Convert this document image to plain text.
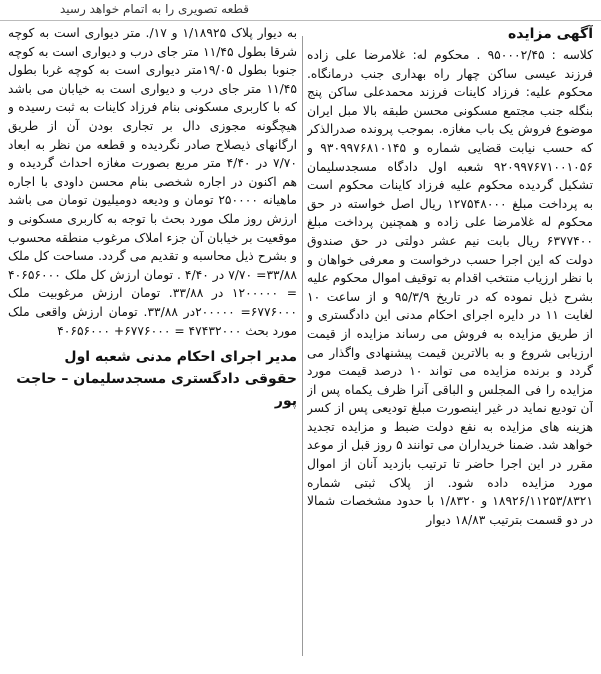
قطعه تصویری را به اتمام خواهد رسید
آگهی مزایده

کلاسه : ۹۵۰۰۰۲/۴۵ . محکوم له: غلامرضا علی زاده فرزند عیسی ساکن چهار راه بهداری جنب درمانگاه. محکوم علیه: فرزاد کاینات فرزند محمدعلی ساکن پنج بنگله جنب مجتمع مسکونی محسن طبقه بالا مبل ایران موضوع فروش یک باب مغازه. بموجب پرونده صدرالذکر که حسب نیابت قضایی شماره و ۹۳۰۹۹۷۶۸۱۰۱۴۵ و ۹۲۰۹۹۷۶۷۱۰۰۱۰۵۶ شعبه اول دادگاه مسجدسلیمان تشکیل گردیده محکوم علیه فرزاد کاینات محکوم است به پرداخت مبلغ ۱۲۷۵۴۸۰۰۰ ریال اصل خواسته در حق محکوم له غلامرضا علی زاده و همچنین پرداخت مبلغ ۶۳۷۷۴۰۰ ریال بابت نیم عشر دولتی در حق صندوق دولت که این اجرا حسب درخواست و معرفی خواهان و با نظر ارزیاب منتخب اقدام به توقیف اموال محکوم علیه بشرح ذیل نموده که در تاریخ ۹۵/۳/۹ و از ساعت ۱۰ لغایت ۱۱ در دایره اجرای احکام مدنی این دادگستری و از طریق مزایده به فروش می رساند مزایده از قیمت ارزیابی شروع و به بالاترین قیمت پیشنهادی واگذار می گردد و برنده مزایده می تواند ۱۰ درصد قیمت مورد مزایده را فی المجلس و الباقی آنرا ظرف یکماه پس از آن تودیع نماید در غیر اینصورت مبلغ تودیعی پس از کسر هزینه های مزایده به نفع دولت ضبط و مزایده تجدید خواهد شد. ضمنا خریداران می توانند ۵ روز قبل از موعد مقرر در این اجرا حاضر تا ترتیب بازدید آنان از اموال مورد مزایده داده شود. از پلاک ثبتی شماره ۱۸۹۲۶/۱۱۲۵۳/۸۳۲۱ و ۱/۸۳۲۰ با حدود مشخصات شمالا در دو قسمت بترتیب ۱۸/۸۳ دیوار

به دیوار پلاک ۱/۱۸۹۲۵ و ۱۷/. متر دیواری است به کوچه شرقا بطول ۱۱/۴۵ متر جای درب و دیواری است به کوچه جنوبا بطول ۱۹/۰۵متر دیواری است به کوچه غربا بطول ۱۱/۴۵ متر جای درب و دیواری است به خیابان می باشد که با کاربری مسکونی بنام فرزاد کاینات به ثبت رسیده و هیچگونه مجوزی دال بر تجاری بودن آن از طریق ارگانهای ذیصلاح صادر نگردیده و قطعه من نظر به ابعاد ۷/۷۰ در ۴/۴۰ متر مربع بصورت مغازه احداث گردیده و هم اکنون در اجاره شخصی بنام محسن داودی با اجاره ماهیانه ۲۵۰۰۰۰ تومان و ودیعه دومیلیون تومان می باشد ارزش روز ملک مورد بحث با توجه به کاربری مسکونی و موقعیت بر خیابان آن جزء املاک مرغوب منطقه محسوب و بشرح ذیل محاسبه و تقدیم می گردد. مساحت کل ملک ۳۳/۸۸= ۷/۷۰ در ۴/۴۰ . تومان ارزش کل ملک ۴۰۶۵۶۰۰۰ = ۱۲۰۰۰۰۰ در ۳۳/۸۸. تومان ارزش مرغوبیت ملک ۶۷۷۶۰۰۰= ۲۰۰۰۰۰در ۳۳/۸۸. تومان ارزش واقعی ملک مورد بحث ۴۷۴۳۲۰۰۰ = ۶۷۷۶۰۰۰+ ۴۰۶۵۶۰۰۰

مدیر اجرای احکام مدنی شعبه اول حقوقی دادگستری مسجدسلیمان – حاجت پور
